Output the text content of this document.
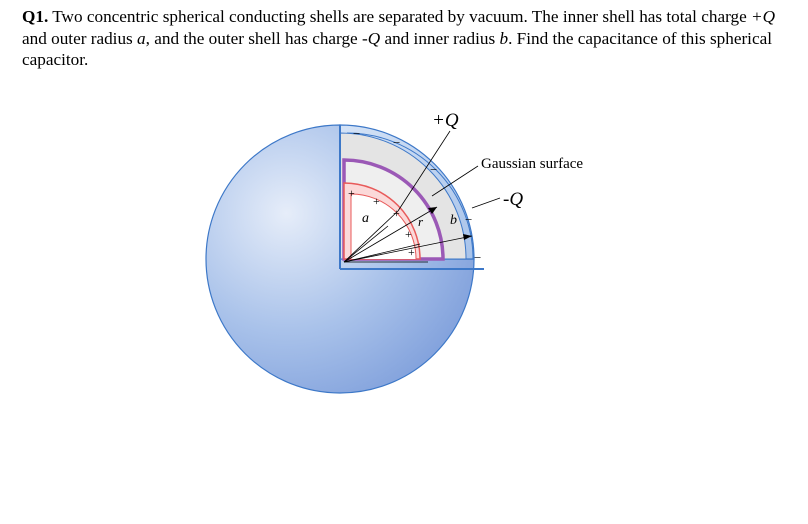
Q1. Two concentric spherical conducting shells are separated by vacuum. The inner shell has total charge +Q and outer radius a, and the outer shell has charge -Q and inner radius b. Find the capacitance of this spherical capacitor.
−
−
−
−
−
+
+
+
+
+
+Q
Gaussian surface
-Q
a	r b
